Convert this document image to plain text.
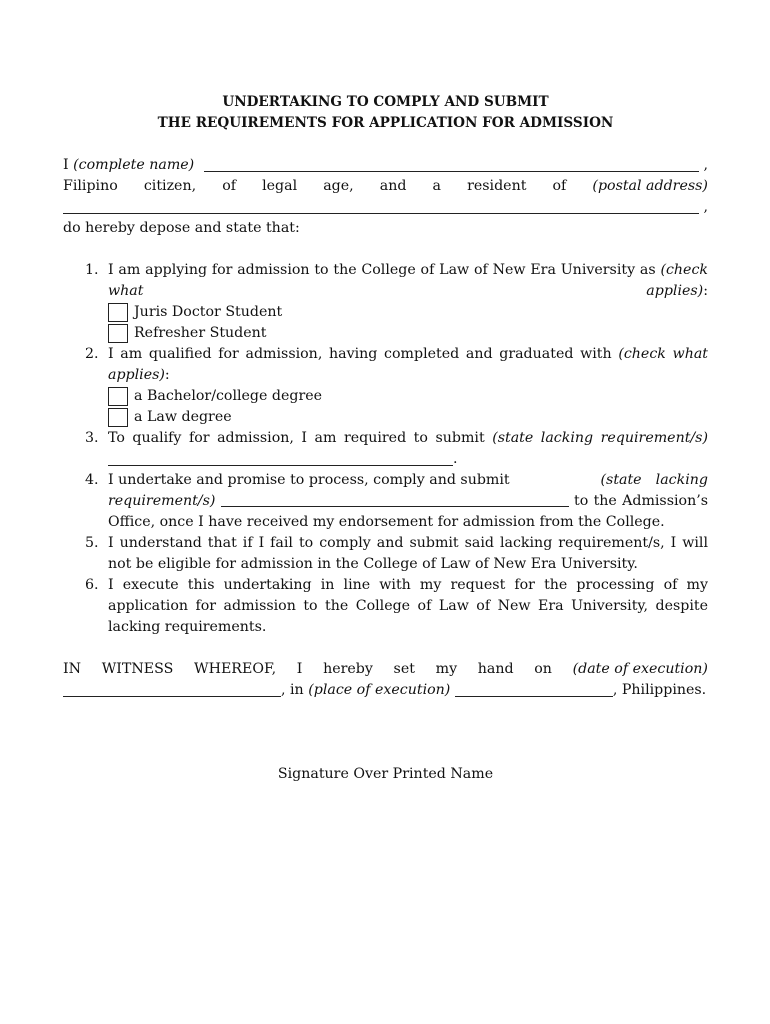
UNDERTAKING TO COMPLY AND SUBMIT
THE REQUIREMENTS FOR APPLICATION FOR ADMISSION
I
(complete name)	,
Filipino citizen, of legal age, and a resident of (postal address)
,
do hereby depose and state that:
1. I am applying for admission to the College of Law of New Era University as (check what applies):
Juris Doctor Student
Refresher Student
2. I am qualified for admission, having completed and graduated with (check what applies):
a Bachelor/college degree
a Law degree
3. To qualify for admission, I am required to submit (state lacking requirement/s)
.
4. I undertake and promise to process, comply and submit	(state lacking requirement/s)	to the Admission’s Office, once I have received my endorsement for admission from the College.
5. I understand that if I fail to comply and submit said lacking requirement/s, I will not be eligible for admission in the College of Law of New Era University.
6. I execute this undertaking in line with my request for the processing of my application for admission to the College of Law of New Era University, despite lacking requirements.
IN WITNESS WHEREOF, I hereby set my hand on (date of execution)
, in
(place of execution)
	, Philippines.
Signature Over Printed Name
